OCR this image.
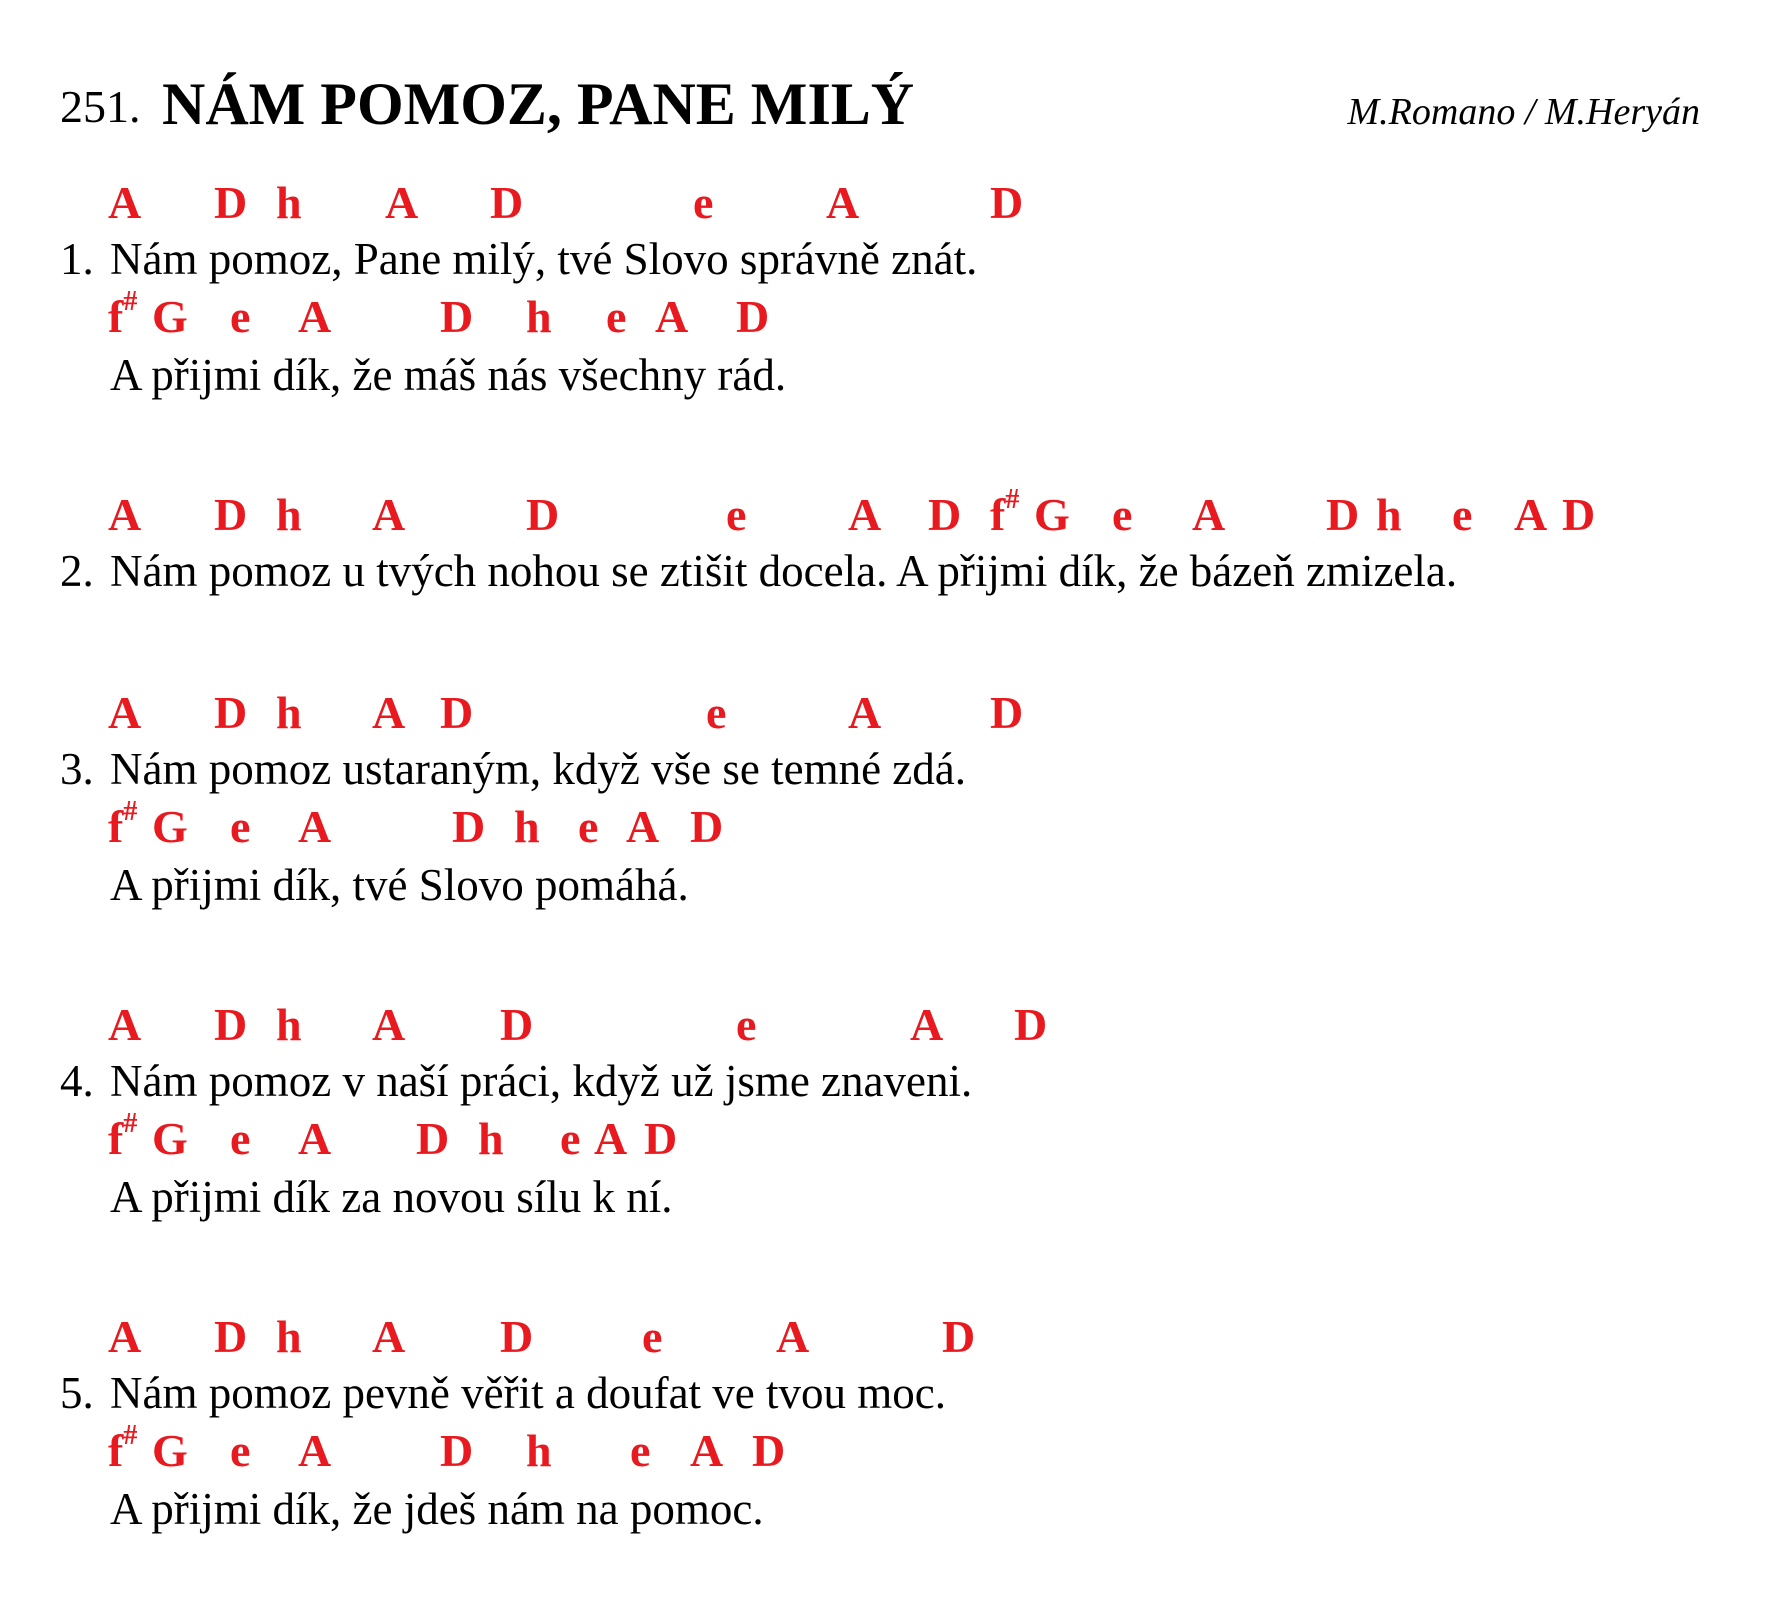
251. NÁM POMOZ, PANE MILÝ	M.Romano / M.Heryán
A D h A D	e A	D
1. Nám pomoz, Pane milý, tvé Slovo správně znát.
f# G e A D h e A D
A přijmi dík, že máš nás všechny rád.
A D h A	D	e A D f# G e A D h e A D
2. Nám pomoz u tvých nohou se ztišit docela. A přijmi dík, že bázeň zmizela.
A D h A D	e	A D
3. Nám pomoz ustaraným, když vše se temné zdá.
f# G e A	D h e A D
A přijmi dík, tvé Slovo pomáhá.
A D h A D	e	A D
4. Nám pomoz v naší práci, když už jsme znaveni.
f# G e A D h e A D
A přijmi dík za novou sílu k ní.
A D h A D e A	D
5. Nám pomoz pevně věřit a doufat ve tvou moc.
f# G e A D h e A D
A přijmi dík, že jdeš nám na pomoc.
